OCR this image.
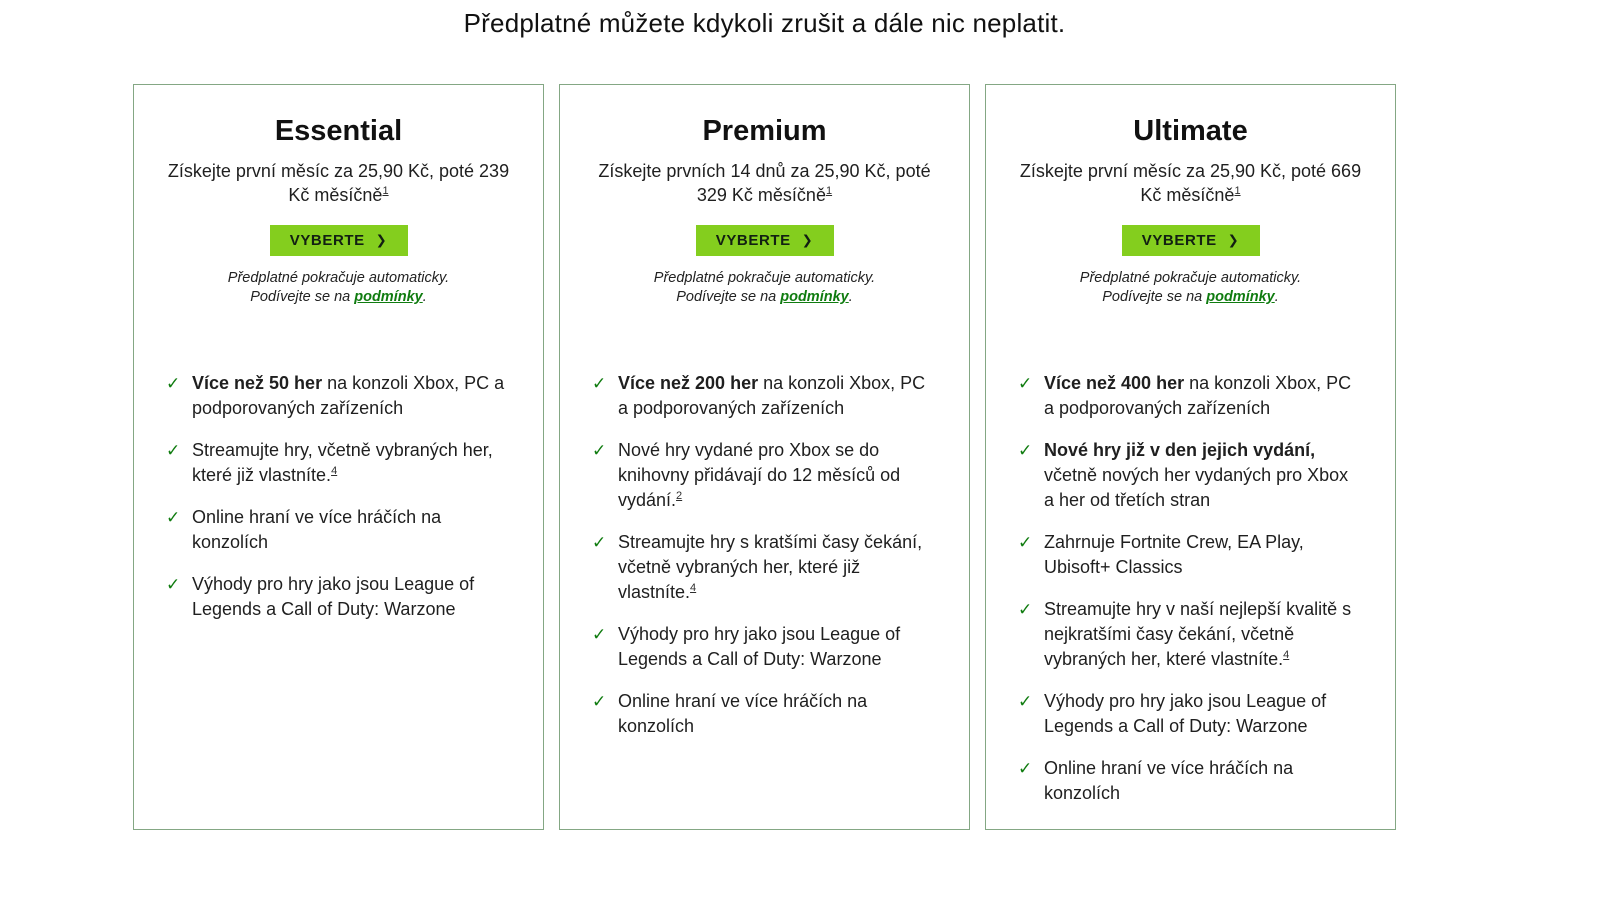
Předplatné můžete kdykoli zrušit a dále nic neplatit.
Essential

Získejte první měsíc za 25,90 Kč, poté 239 Kč měsíčně$^1$

VYBERTE ❯

Předplatné pokračuje automaticky.
Podívejte se na podmínky.

✓ Více než 50 her na konzoli Xbox, PC a podporovaných zařízeních
✓ Streamujte hry, včetně vybraných her, které již vlastníte.$^4$
✓ Online hraní ve více hráčích na konzolích
✓ Výhody pro hry jako jsou League of Legends a Call of Duty: Warzone
Premium

Získejte prvních 14 dnů za 25,90 Kč, poté 329 Kč měsíčně$^1$

VYBERTE ❯

Předplatné pokračuje automaticky.
Podívejte se na podmínky.

✓ Více než 200 her na konzoli Xbox, PC a podporovaných zařízeních
✓ Nové hry vydané pro Xbox se do knihovny přidávají do 12 měsíců od vydání.$^2$
✓ Streamujte hry s kratšími časy čekání, včetně vybraných her, které již vlastníte.$^4$
✓ Výhody pro hry jako jsou League of Legends a Call of Duty: Warzone
✓ Online hraní ve více hráčích na konzolích
Ultimate

Získejte první měsíc za 25,90 Kč, poté 669 Kč měsíčně$^1$

VYBERTE ❯

Předplatné pokračuje automaticky.
Podívejte se na podmínky.

✓ Více než 400 her na konzoli Xbox, PC a podporovaných zařízeních
✓ Nové hry již v den jejich vydání, včetně nových her vydaných pro Xbox a her od třetích stran
✓ Zahrnuje Fortnite Crew, EA Play, Ubisoft+ Classics
✓ Streamujte hry v naší nejlepší kvalitě s nejkratšími časy čekání, včetně vybraných her, které vlastníte.$^4$
✓ Výhody pro hry jako jsou League of Legends a Call of Duty: Warzone
✓ Online hraní ve více hráčích na konzolích
